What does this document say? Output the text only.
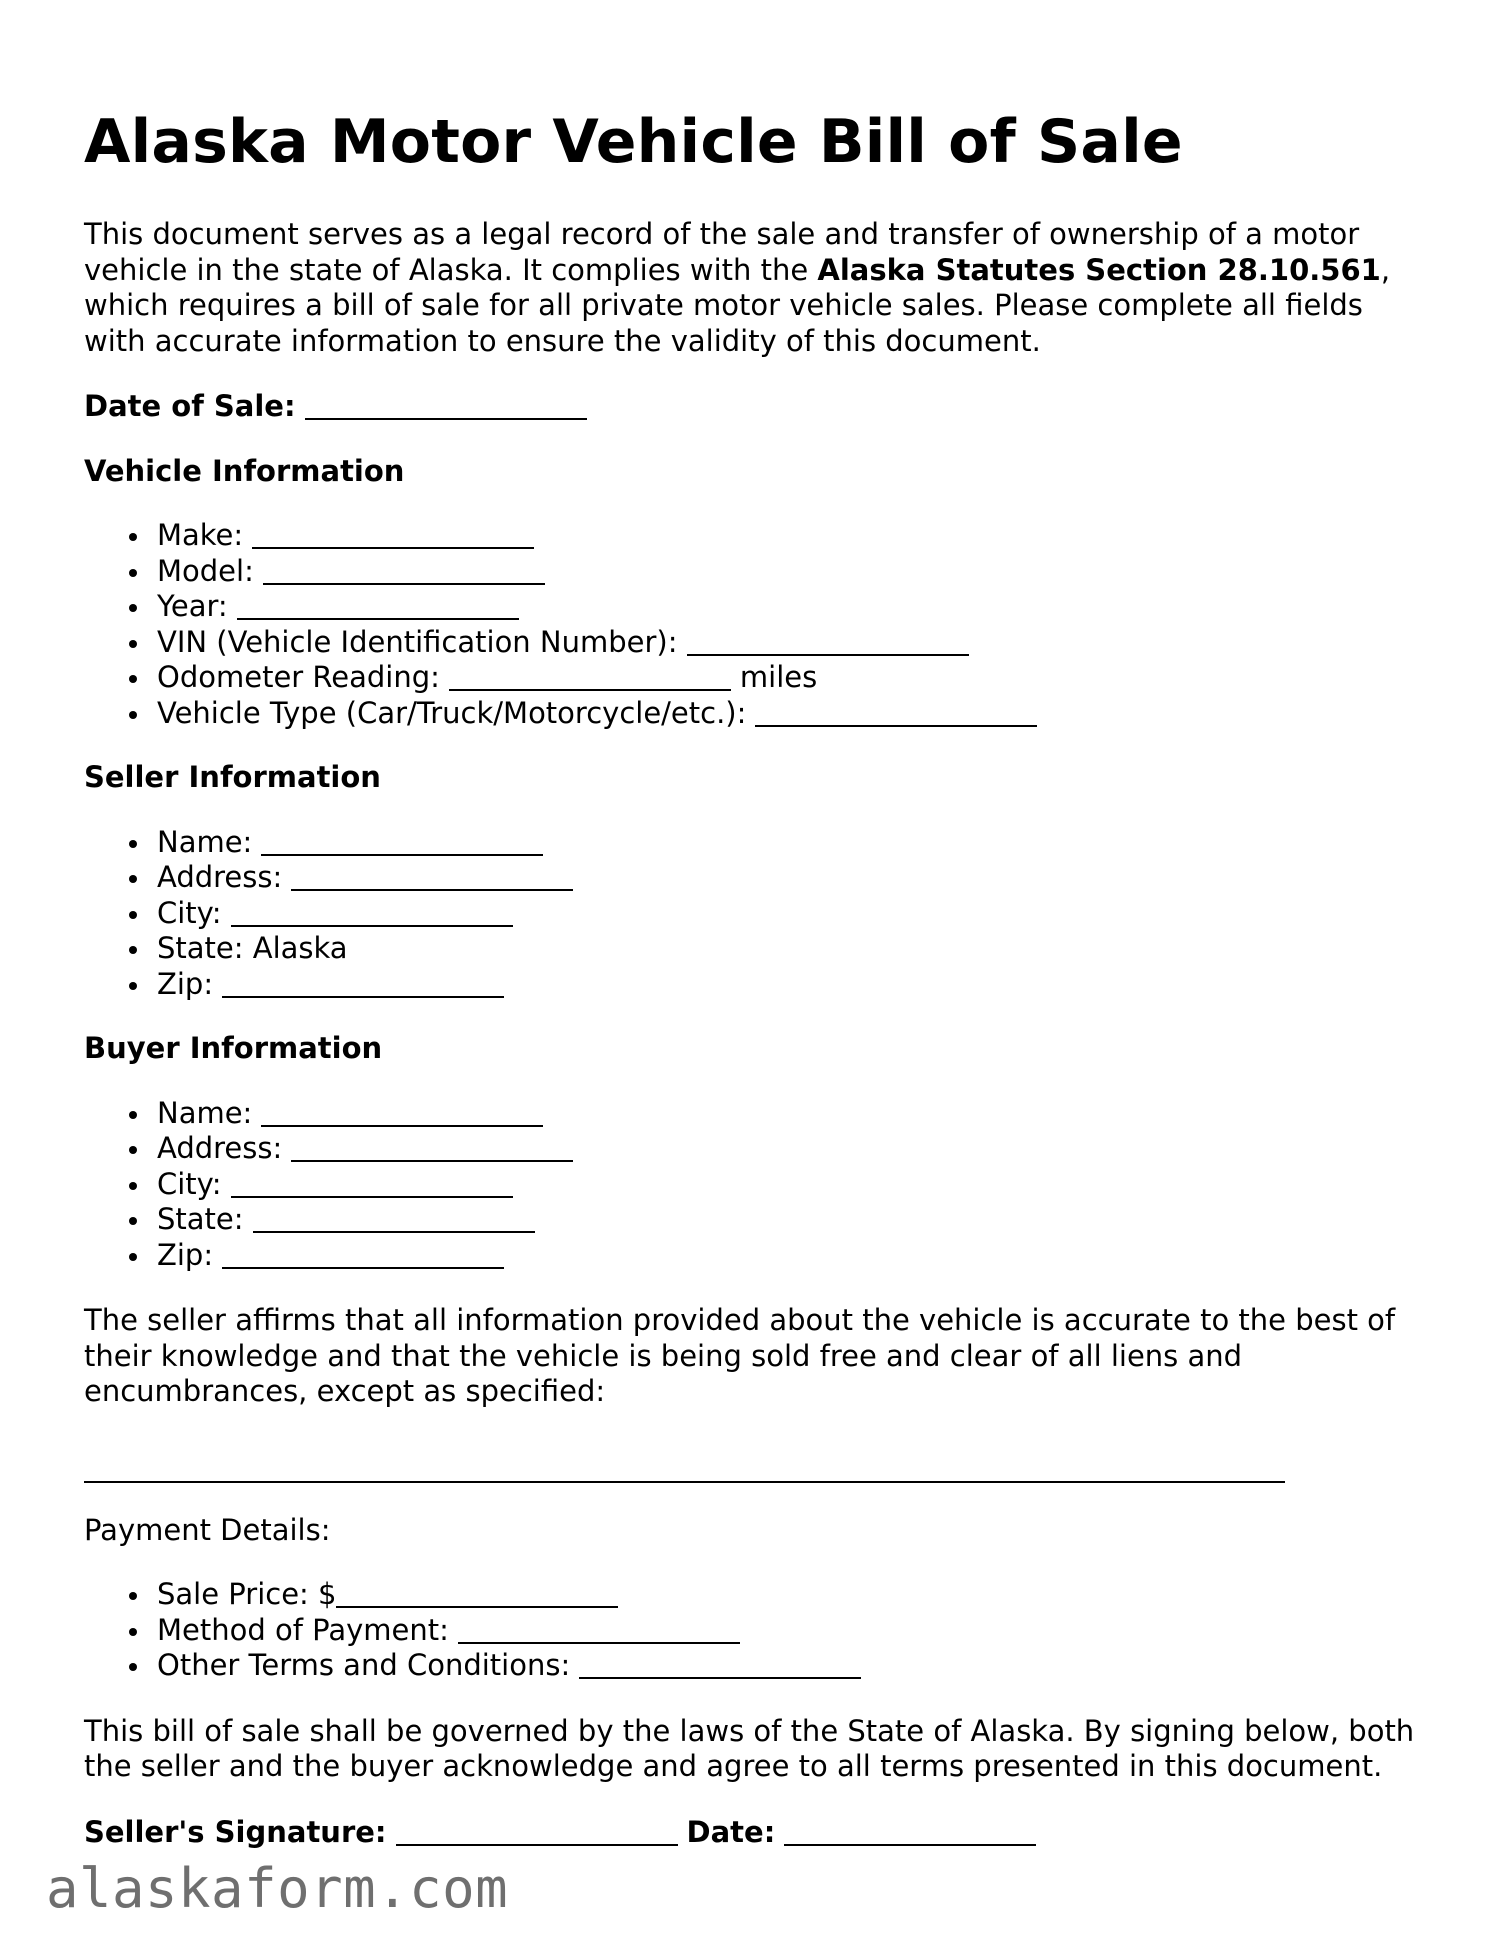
Alaska Motor Vehicle Bill of Sale

This document serves as a legal record of the sale and transfer of ownership of a motor vehicle in the state of Alaska. It complies with the Alaska Statutes Section 28.10.561, which requires a bill of sale for all private motor vehicle sales. Please complete all fields with accurate information to ensure the validity of this document.

Date of Sale:
Vehicle Information
Make:
Model:
Year:
VIN (Vehicle Identification Number):
Odometer Reading:	miles
Vehicle Type (Car/Truck/Motorcycle/etc.):
Seller Information
Name:
Address:
City:
State: Alaska
Zip:
Buyer Information
Name:
Address:
City:
State:
Zip:

The seller affirms that all information provided about the vehicle is accurate to the best of their knowledge and that the vehicle is being sold free and clear of all liens and encumbrances, except as specified:

Payment Details:

Sale Price: $
Method of Payment:
Other Terms and Conditions:

This bill of sale shall be governed by the laws of the State of Alaska. By signing below, both the seller and the buyer acknowledge and agree to all terms presented in this document.

Seller's Signature:	Date:
alaskaform.com
